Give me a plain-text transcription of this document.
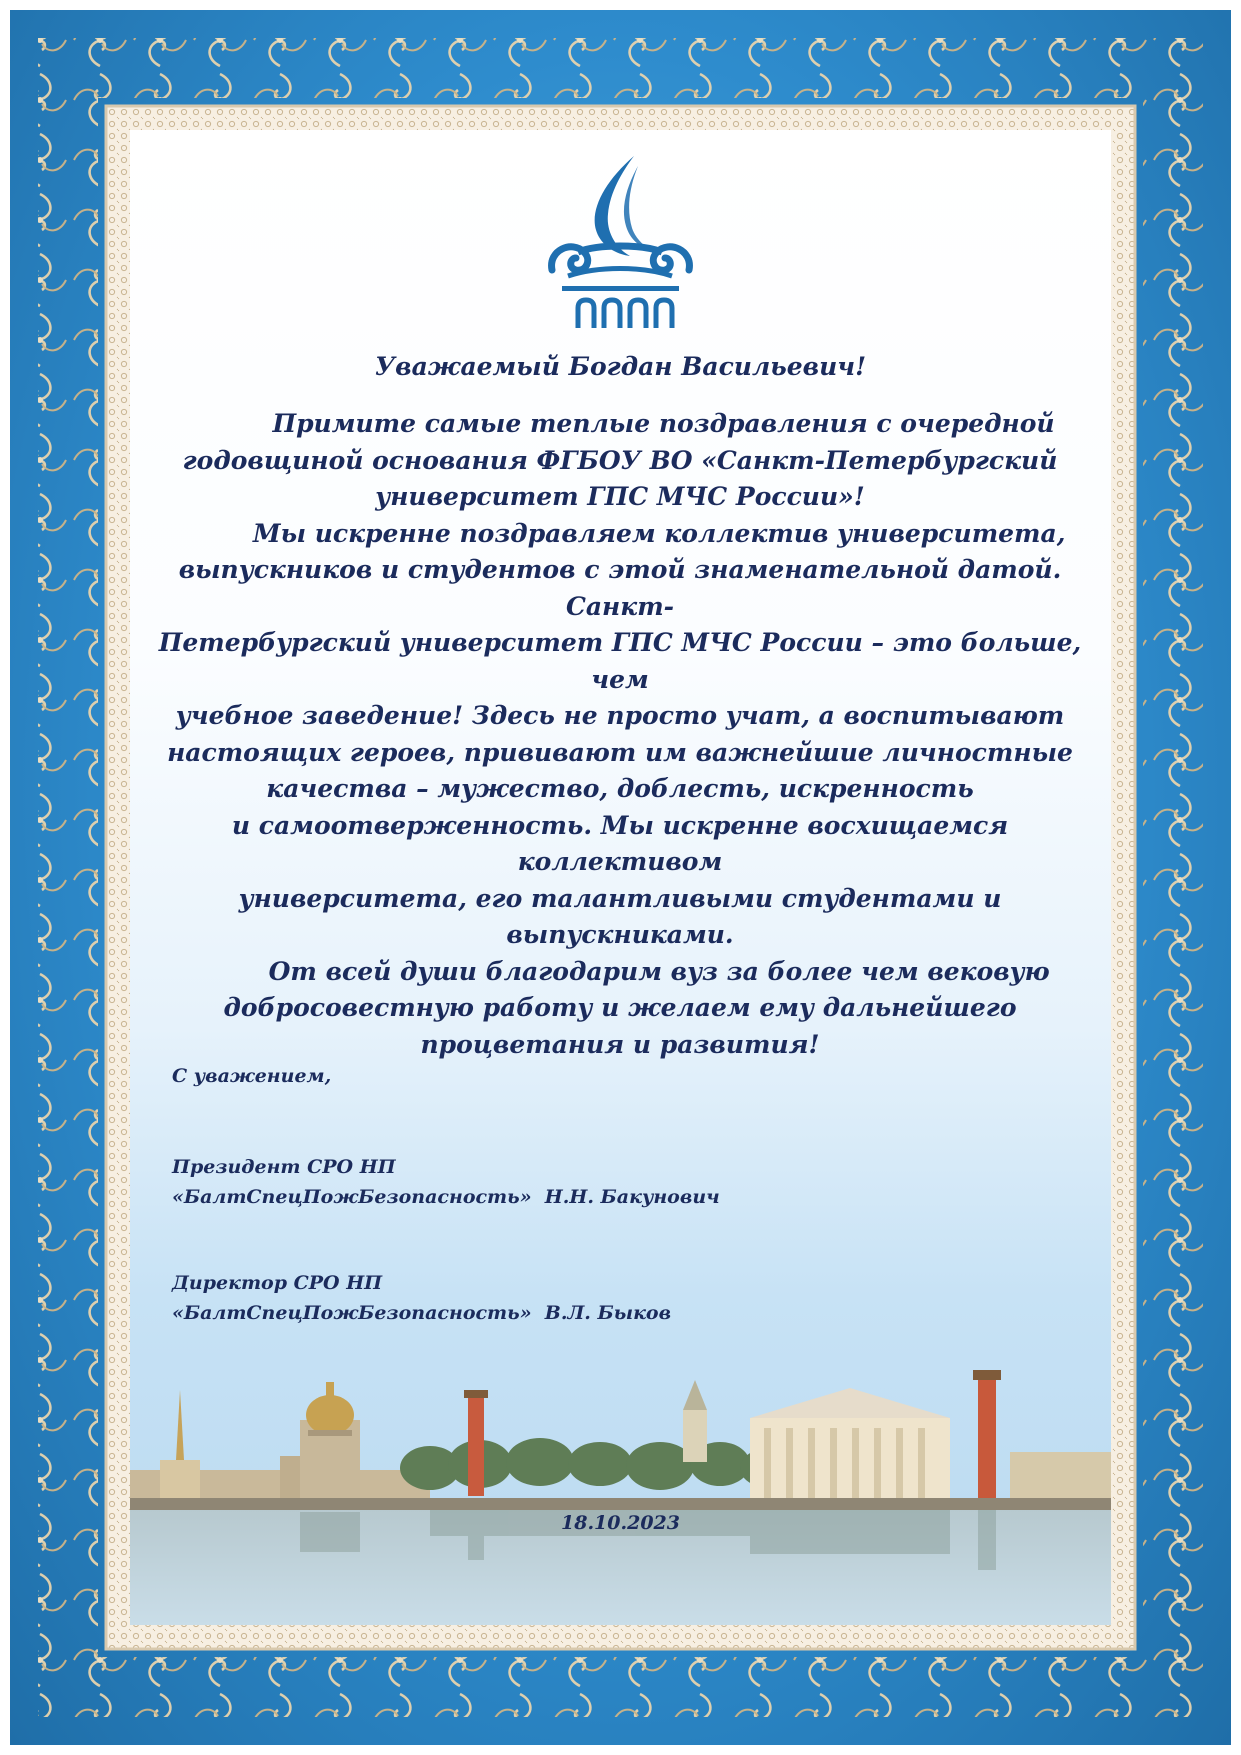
Уважаемый Богдан Васильевич!

Примите самые теплые поздравления с очередной

годовщиной основания ФГБОУ ВО «Санкт-Петербургский

университет ГПС МЧС России»!

Мы искренне поздравляем коллектив университета,

выпускников и студентов с этой знаменательной датой. Санкт-

Петербургский университет ГПС МЧС России – это больше, чем

учебное заведение! Здесь не просто учат, а воспитывают

настоящих героев, прививают им важнейшие личностные

качества – мужество, доблесть, искренность

и самоотверженность. Мы искренне восхищаемся коллективом

университета, его талантливыми студентами и выпускниками.

От всей души благодарим вуз за более чем вековую

добросовестную работу и желаем ему дальнейшего

процветания и развития!

С уважением,
Президент СРО НП
«БалтСпецПожБезопасность»  Н.Н. Бакунович
Директор СРО НП
«БалтСпецПожБезопасность»  В.Л. Быков
18.10.2023
